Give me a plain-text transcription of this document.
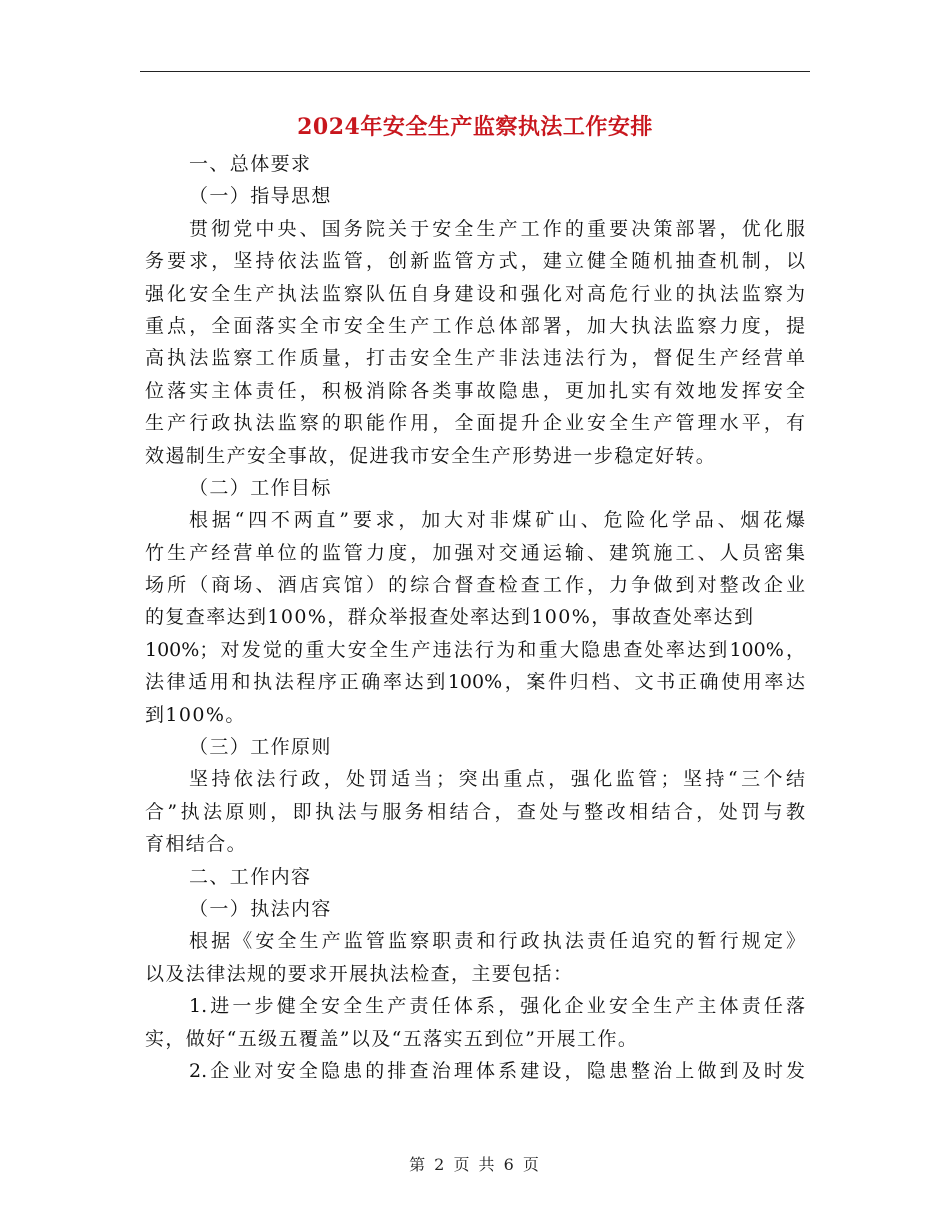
2024年安全生产监察执法工作安排
一、总体要求
（一）指导思想
贯彻党中央、国务院关于安全生产工作的重要决策部署，优化服
务要求，坚持依法监管，创新监管方式，建立健全随机抽查机制，以
强化安全生产执法监察队伍自身建设和强化对高危行业的执法监察为
重点，全面落实全市安全生产工作总体部署，加大执法监察力度，提
高执法监察工作质量，打击安全生产非法违法行为，督促生产经营单
位落实主体责任，积极消除各类事故隐患，更加扎实有效地发挥安全
生产行政执法监察的职能作用，全面提升企业安全生产管理水平，有
效遏制生产安全事故，促进我市安全生产形势进一步稳定好转。
（二）工作目标
根据“四不两直”要求，加大对非煤矿山、危险化学品、烟花爆
竹生产经营单位的监管力度，加强对交通运输、建筑施工、人员密集
场所（商场、酒店宾馆）的综合督查检查工作，力争做到对整改企业
的复查率达到100%，群众举报查处率达到100%，事故查处率达到
100%；对发觉的重大安全生产违法行为和重大隐患查处率达到100%，
法律适用和执法程序正确率达到100%，案件归档、文书正确使用率达
到100%。
（三）工作原则
坚持依法行政，处罚适当；突出重点，强化监管；坚持“三个结
合”执法原则，即执法与服务相结合，查处与整改相结合，处罚与教
育相结合。
二、工作内容
（一）执法内容
根据《安全生产监管监察职责和行政执法责任追究的暂行规定》
以及法律法规的要求开展执法检查，主要包括：
1.进一步健全安全生产责任体系，强化企业安全生产主体责任落
实，做好“五级五覆盖”以及“五落实五到位”开展工作。
2.企业对安全隐患的排查治理体系建设，隐患整治上做到及时发
第 2 页 共 6 页
